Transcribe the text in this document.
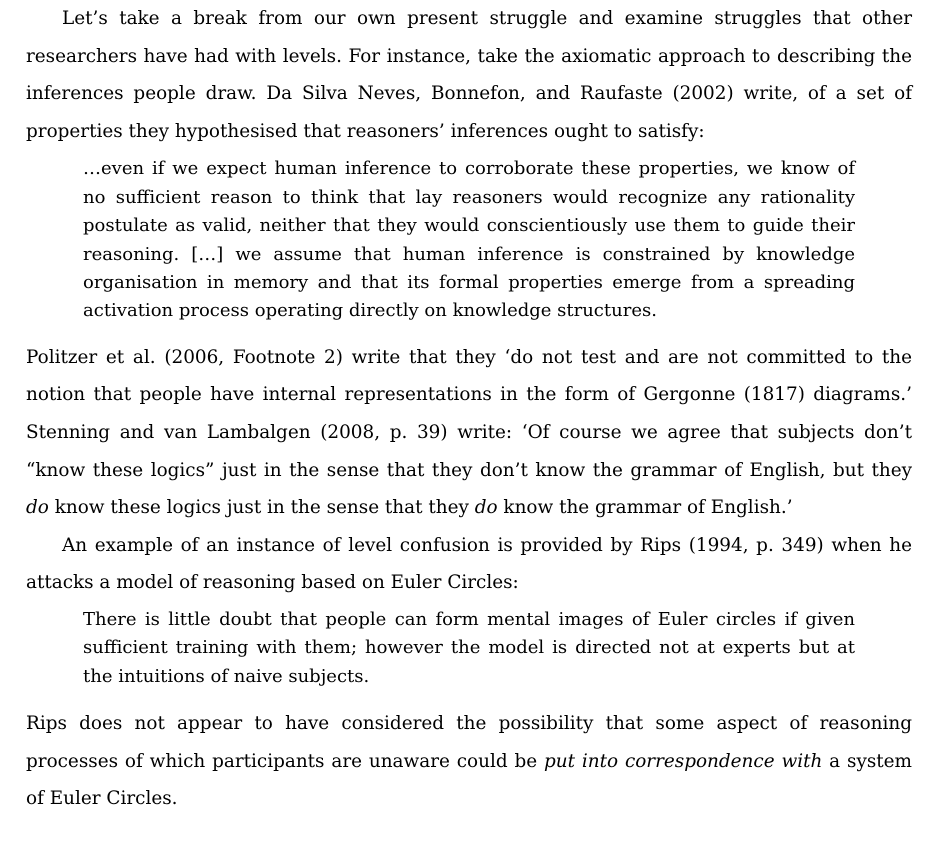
Let’s take a break from our own present struggle and examine struggles that other researchers have had with levels. For instance, take the axiomatic approach to describing the inferences people draw. Da Silva Neves, Bonnefon, and Raufaste (2002) write, of a set of properties they hypothesised that reasoners’ inferences ought to satisfy:

…even if we expect human inference to corroborate these properties, we know of no sufficient reason to think that lay reasoners would recognize any rationality postulate as valid, neither that they would conscientiously use them to guide their reasoning. […] we assume that human inference is constrained by knowledge organisation in memory and that its formal properties emerge from a spreading activation process operating directly on knowledge structures.

Politzer et al. (2006, Footnote 2) write that they ‘do not test and are not committed to the notion that people have internal representations in the form of Gergonne (1817) diagrams.’ Stenning and van Lambalgen (2008, p. 39) write: ‘Of course we agree that subjects don’t “know these logics” just in the sense that they don’t know the grammar of English, but they do know these logics just in the sense that they do know the grammar of English.’

An example of an instance of level confusion is provided by Rips (1994, p. 349) when he attacks a model of reasoning based on Euler Circles:

There is little doubt that people can form mental images of Euler circles if given sufficient training with them; however the model is directed not at experts but at the intuitions of naive subjects.

Rips does not appear to have considered the possibility that some aspect of reasoning processes of which participants are unaware could be put into correspondence with a system of Euler Circles.
